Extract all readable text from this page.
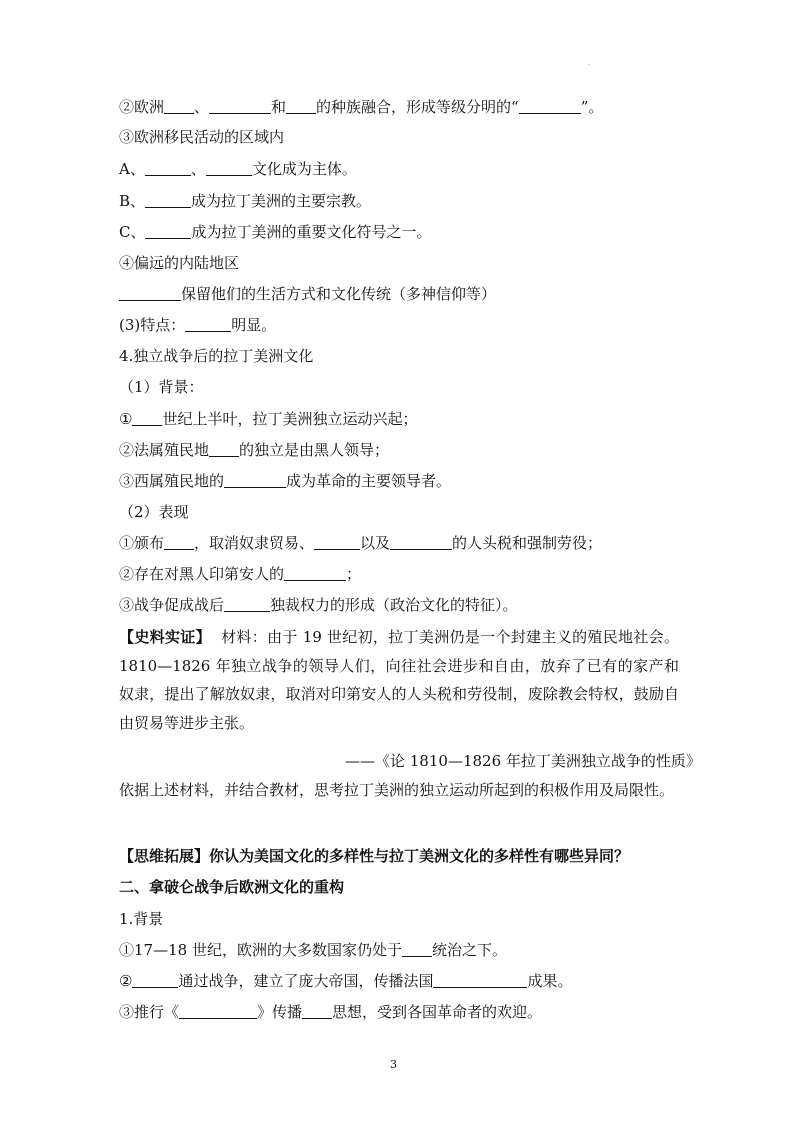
.
②欧洲 、	和 的种族融合，形成等级分明的“	”。
③欧洲移民活动的区域内
A、	、	文化成为主体。
B、	成为拉丁美洲的主要宗教。
C、	成为拉丁美洲的重要文化符号之一。
④偏远的内陆地区
保留他们的生活方式和文化传统（多神信仰等）
(3)特点：	明显。
4.独立战争后的拉丁美洲文化
（1）背景：
① 世纪上半叶，拉丁美洲独立运动兴起；
②法属殖民地 的独立是由黑人领导；
③西属殖民地的	成为革命的主要领导者。
（2）表现
①颁布 ，取消奴隶贸易、	以及	的人头税和强制劳役；
②存在对黑人印第安人的	；
③战争促成战后	独裁权力的形成（政治文化的特征）。
【史料实证】 材料：由于 19 世纪初，拉丁美洲仍是一个封建主义的殖民地社会。1810—1826 年独立战争的领导人们，向往社会进步和自由，放弃了已有的家产和奴隶，提出了解放奴隶，取消对印第安人的人头税和劳役制，废除教会特权，鼓励自由贸易等进步主张。
——《论 1810—1826 年拉丁美洲独立战争的性质》
依据上述材料，并结合教材，思考拉丁美洲的独立运动所起到的积极作用及局限性。
【思维拓展】你认为美国文化的多样性与拉丁美洲文化的多样性有哪些异同？
二、拿破仑战争后欧洲文化的重构
1.背景
①17—18 世纪，欧洲的大多数国家仍处于 统治之下。
②	通过战争，建立了庞大帝国，传播法国	成果。
③推行《	》传播 思想，受到各国革命者的欢迎。
3
